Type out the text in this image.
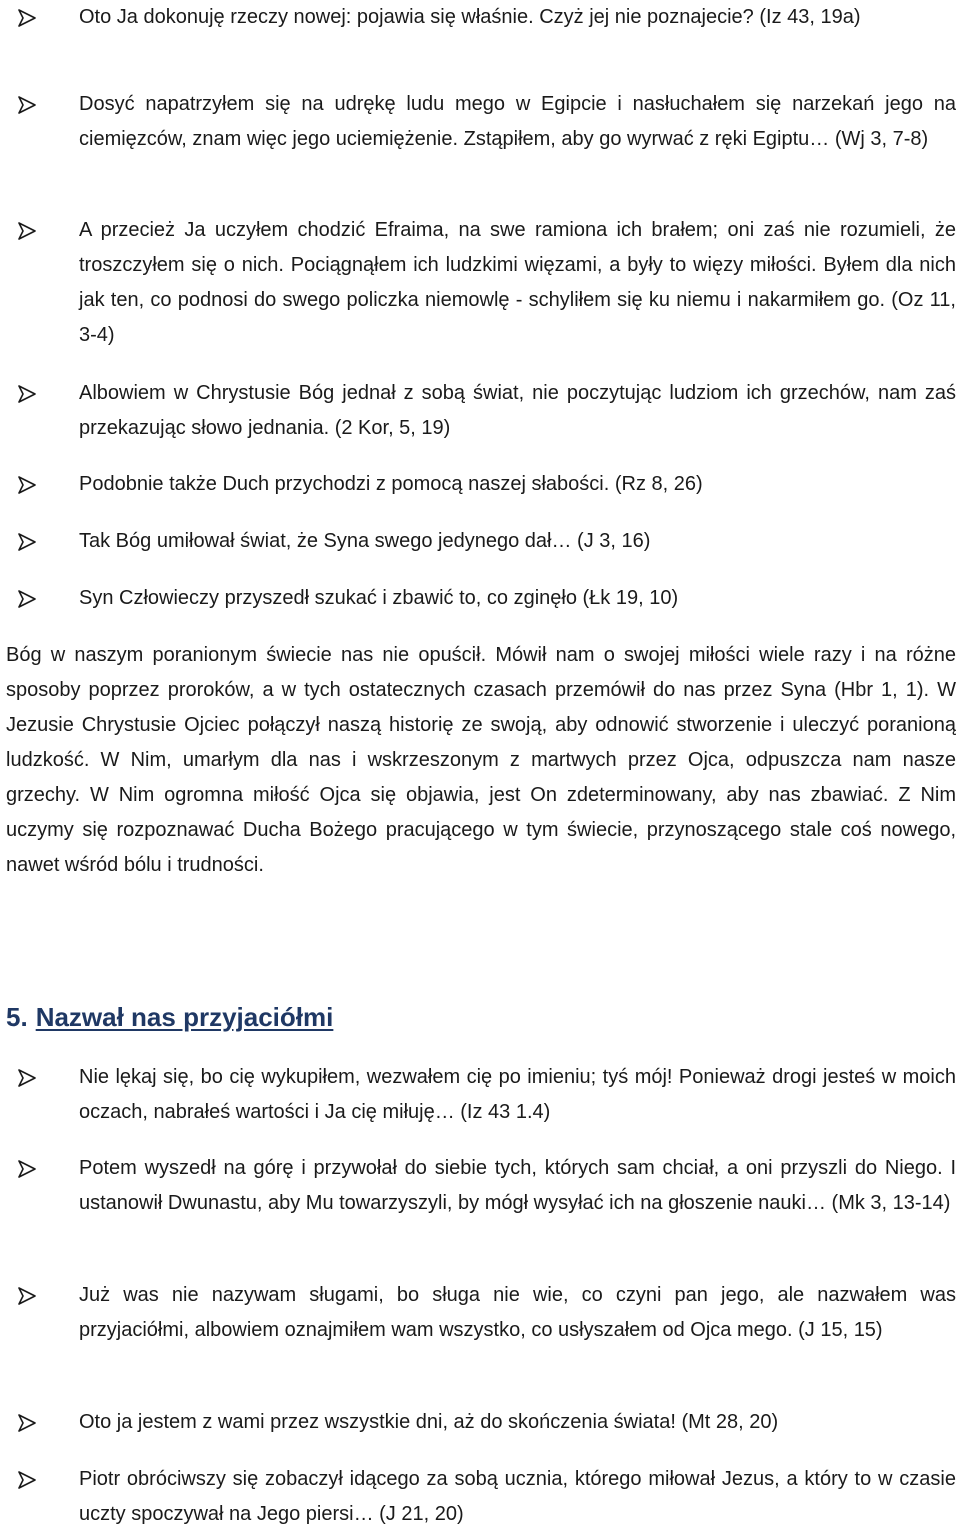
Oto Ja dokonuję rzeczy nowej: pojawia się właśnie. Czyż jej nie poznajecie? (Iz 43, 19a)
Dosyć napatrzyłem się na udrękę ludu mego w Egipcie i nasłuchałem się narzekań jego na ciemięzców, znam więc jego uciemiężenie. Zstąpiłem, aby go wyrwać z ręki Egiptu… (Wj 3, 7-8)
A przecież Ja uczyłem chodzić Efraima, na swe ramiona ich brałem; oni zaś nie rozumieli, że troszczyłem się o nich. Pociągnąłem ich ludzkimi więzami, a były to więzy miłości. Byłem dla nich jak ten, co podnosi do swego policzka niemowlę - schyliłem się ku niemu i nakarmiłem go. (Oz 11, 3-4)
Albowiem w Chrystusie Bóg jednał z sobą świat, nie poczytując ludziom ich grzechów, nam zaś przekazując słowo jednania. (2 Kor, 5, 19)
Podobnie także Duch przychodzi z pomocą naszej słabości. (Rz 8, 26)
Tak Bóg umiłował świat, że Syna swego jedynego dał… (J 3, 16)
Syn Człowieczy przyszedł szukać i zbawić to, co zginęło (Łk 19, 10)

Bóg w naszym poranionym świecie nas nie opuścił. Mówił nam o swojej miłości wiele razy i na różne sposoby poprzez proroków, a w tych ostatecznych czasach przemówił do nas przez Syna (Hbr 1, 1). W Jezusie Chrystusie Ojciec połączył naszą historię ze swoją, aby odnowić stworzenie i uleczyć poranioną ludzkość. W Nim, umarłym dla nas i wskrzeszonym z martwych przez Ojca, odpuszcza nam nasze grzechy. W Nim ogromna miłość Ojca się objawia, jest On zdeterminowany, aby nas zbawiać. Z Nim uczymy się rozpoznawać Ducha Bożego pracującego w tym świecie, przynoszącego stale coś nowego, nawet wśród bólu i trudności.

5. Nazwał nas przyjaciółmi
Nie lękaj się, bo cię wykupiłem, wezwałem cię po imieniu; tyś mój! Ponieważ drogi jesteś w moich oczach, nabrałeś wartości i Ja cię miłuję… (Iz 43 1.4)
Potem wyszedł na górę i przywołał do siebie tych, których sam chciał, a oni przyszli do Niego. I ustanowił Dwunastu, aby Mu towarzyszyli, by mógł wysyłać ich na głoszenie nauki… (Mk 3, 13-14)
Już was nie nazywam sługami, bo sługa nie wie, co czyni pan jego, ale nazwałem was przyjaciółmi, albowiem oznajmiłem wam wszystko, co usłyszałem od Ojca mego. (J 15, 15)
Oto ja jestem z wami przez wszystkie dni, aż do skończenia świata! (Mt 28, 20)
Piotr obróciwszy się zobaczył idącego za sobą ucznia, którego miłował Jezus, a który to w czasie uczty spoczywał na Jego piersi… (J 21, 20)
